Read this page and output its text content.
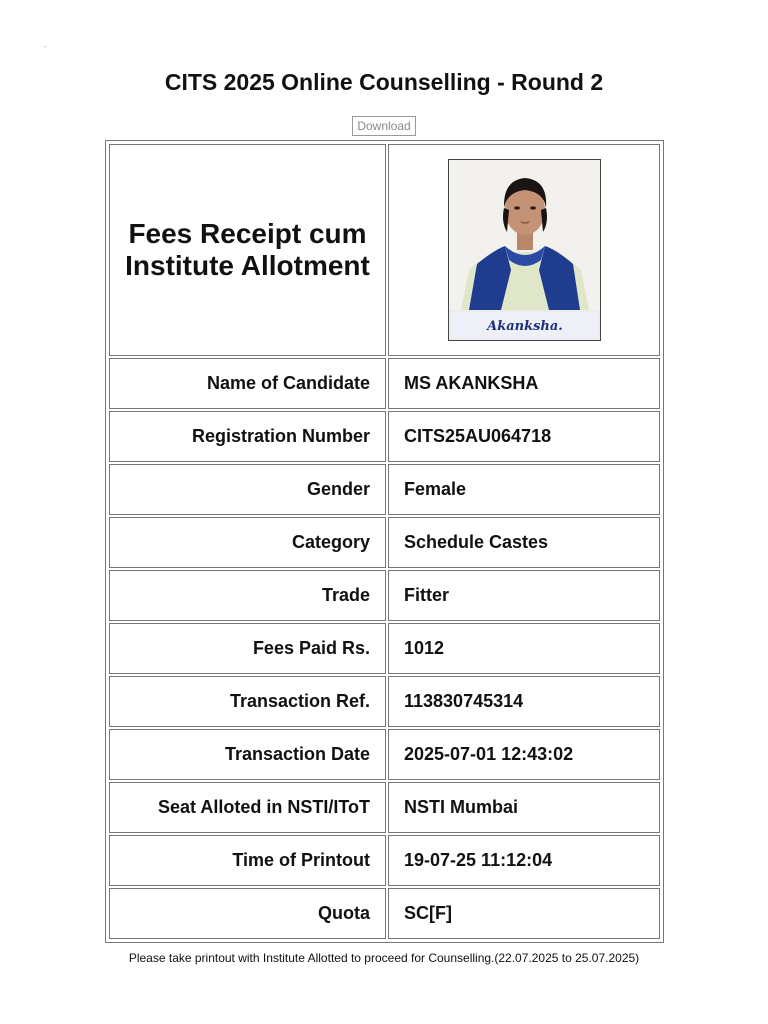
.
CITS 2025 Online Counselling - Round 2
Download
Fees Receipt cum Institute Allotment	Akanksha.

Name of Candidate	MS AKANKSHA
Registration Number	CITS25AU064718
Gender	Female
Category	Schedule Castes
Trade	Fitter
Fees Paid Rs.	1012
Transaction Ref.	113830745314
Transaction Date	2025-07-01 12:43:02
Seat Alloted in NSTI/IToT	NSTI Mumbai
Time of Printout	19-07-25 11:12:04
Quota	SC[F]
Please take printout with Institute Allotted to proceed for Counselling.(22.07.2025 to 25.07.2025)
